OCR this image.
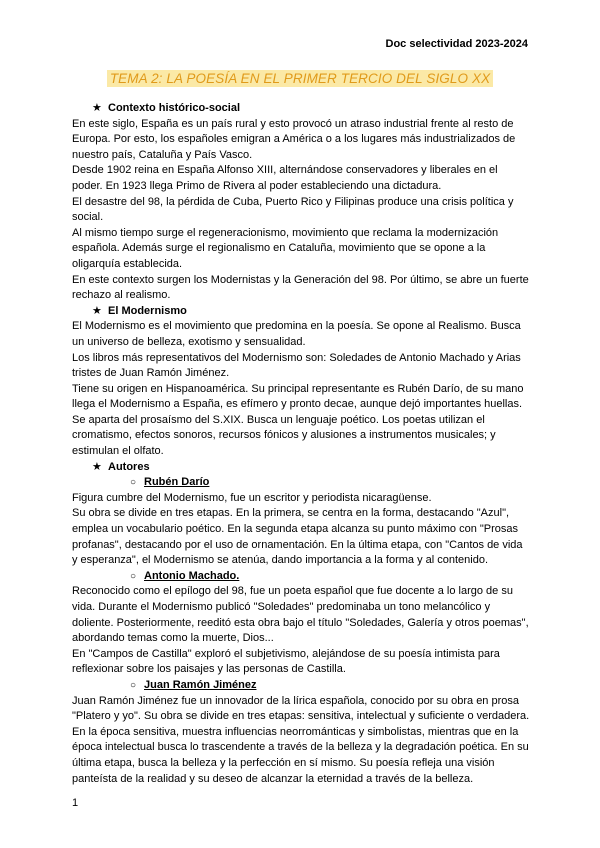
Doc selectividad 2023-2024
TEMA 2: LA POESÍA EN EL PRIMER TERCIO DEL SIGLO XX
★ Contexto histórico-social

En este siglo, España es un país rural y esto provocó un atraso industrial frente al resto de Europa. Por esto, los españoles emigran a América o a los lugares más industrializados de nuestro país, Cataluña y País Vasco.

Desde 1902 reina en España Alfonso XIII, alternándose conservadores y liberales en el poder. En 1923 llega Primo de Rivera al poder estableciendo una dictadura.

El desastre del 98, la pérdida de Cuba, Puerto Rico y Filipinas produce una crisis política y social.

Al mismo tiempo surge el regeneracionismo, movimiento que reclama la modernización española. Además surge el regionalismo en Cataluña, movimiento que se opone a la oligarquía establecida.

En este contexto surgen los Modernistas y la Generación del 98. Por último, se abre un fuerte rechazo al realismo.

★ El Modernismo

El Modernismo es el movimiento que predomina en la poesía. Se opone al Realismo. Busca un universo de belleza, exotismo y sensualidad.

Los libros más representativos del Modernismo son: Soledades de Antonio Machado y Arias tristes de Juan Ramón Jiménez.

Tiene su origen en Hispanoamérica. Su principal representante es Rubén Darío, de su mano llega el Modernismo a España, es efímero y pronto decae, aunque dejó importantes huellas. Se aparta del prosaísmo del S.XIX. Busca un lenguaje poético. Los poetas utilizan el cromatismo, efectos sonoros, recursos fónicos y alusiones a instrumentos musicales; y estimulan el olfato.

★ Autores
○ Rubén Darío

Figura cumbre del Modernismo, fue un escritor y periodista nicaragüense.

Su obra se divide en tres etapas. En la primera, se centra en la forma, destacando "Azul", emplea un vocabulario poético. En la segunda etapa alcanza su punto máximo con "Prosas profanas", destacando por el uso de ornamentación. En la última etapa, con "Cantos de vida y esperanza", el Modernismo se atenúa, dando importancia a la forma y al contenido.

○ Antonio Machado.

Reconocido como el epílogo del 98, fue un poeta español que fue docente a lo largo de su vida. Durante el Modernismo publicó "Soledades" predominaba un tono melancólico y doliente. Posteriormente, reeditó esta obra bajo el título "Soledades, Galería y otros poemas", abordando temas como la muerte, Dios...

En "Campos de Castilla" exploró el subjetivismo, alejándose de su poesía intimista para reflexionar sobre los paisajes y las personas de Castilla.

○ Juan Ramón Jiménez

Juan Ramón Jiménez fue un innovador de la lírica española, conocido por su obra en prosa "Platero y yo". Su obra se divide en tres etapas: sensitiva, intelectual y suficiente o verdadera. En la época sensitiva, muestra influencias neorrománticas y simbolistas, mientras que en la época intelectual busca lo trascendente a través de la belleza y la degradación poética. En su última etapa, busca la belleza y la perfección en sí mismo. Su poesía refleja una visión panteísta de la realidad y su deseo de alcanzar la eternidad a través de la belleza.

1
